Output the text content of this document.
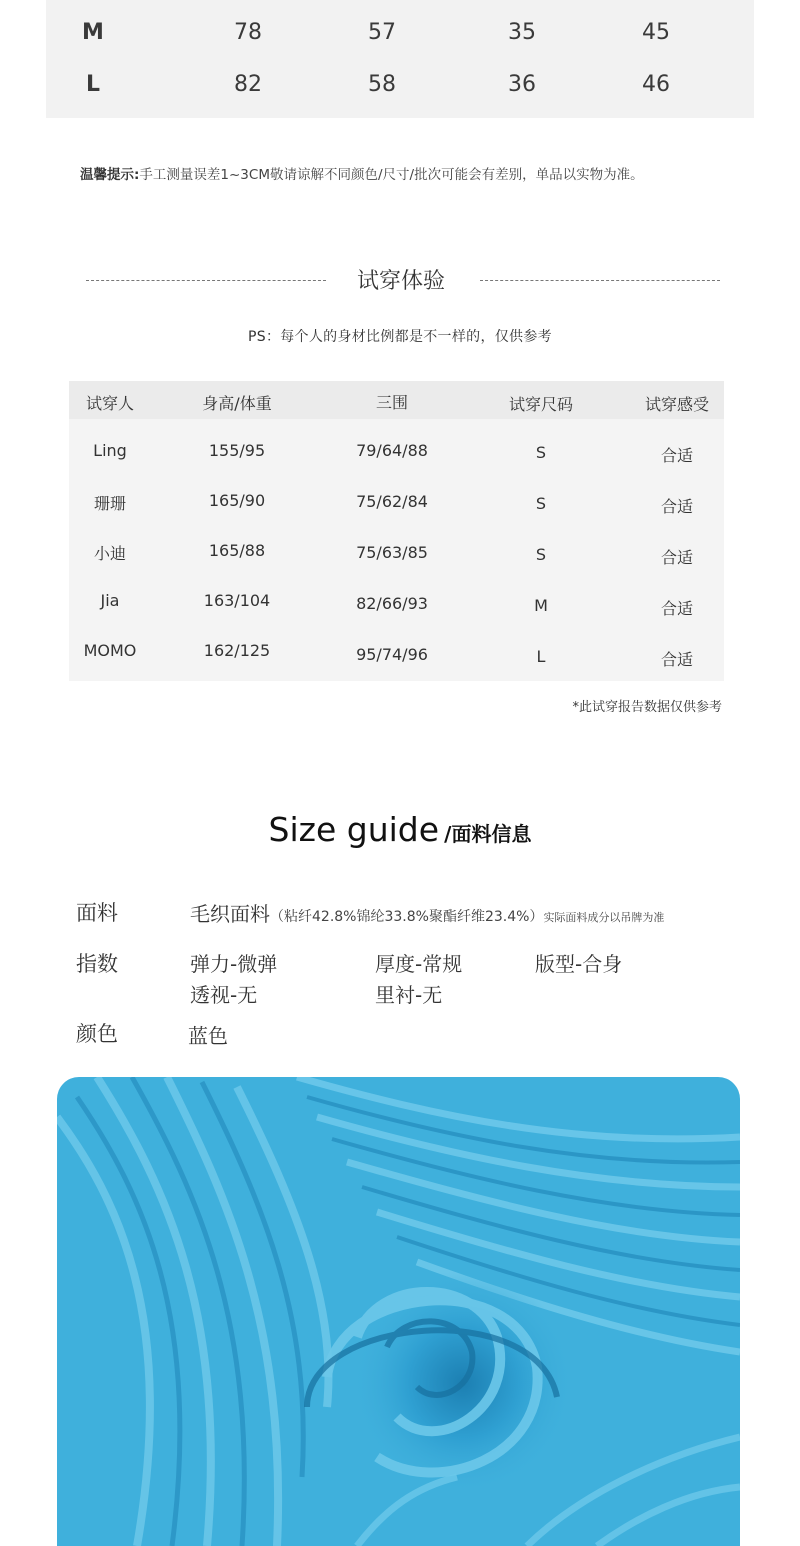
M	78	57	35	45
L	82	58	36	46
温馨提示:手工测量误差1~3CM敬请谅解不同颜色/尺寸/批次可能会有差别，单品以实物为准。
试穿体验
PS：每个人的身材比例都是不一样的，仅供参考
试穿人	身高/体重	三围	试穿尺码	试穿感受
Ling	155/95	79/64/88	S	合适
珊珊	165/90	75/62/84	S	合适
小迪	165/88	75/63/85	S	合适
Jia	163/104	82/66/93	M	合适
MOMO	162/125	95/74/96	L	合适
*此试穿报告数据仅供参考
Size guide /面料信息
面料	毛织面料（粘纤42.8%锦纶33.8%聚酯纤维23.4%）实际面料成分以吊牌为准
指数	弹力-微弹	厚度-常规	版型-合身
透视-无	里衬-无
颜色	蓝色
